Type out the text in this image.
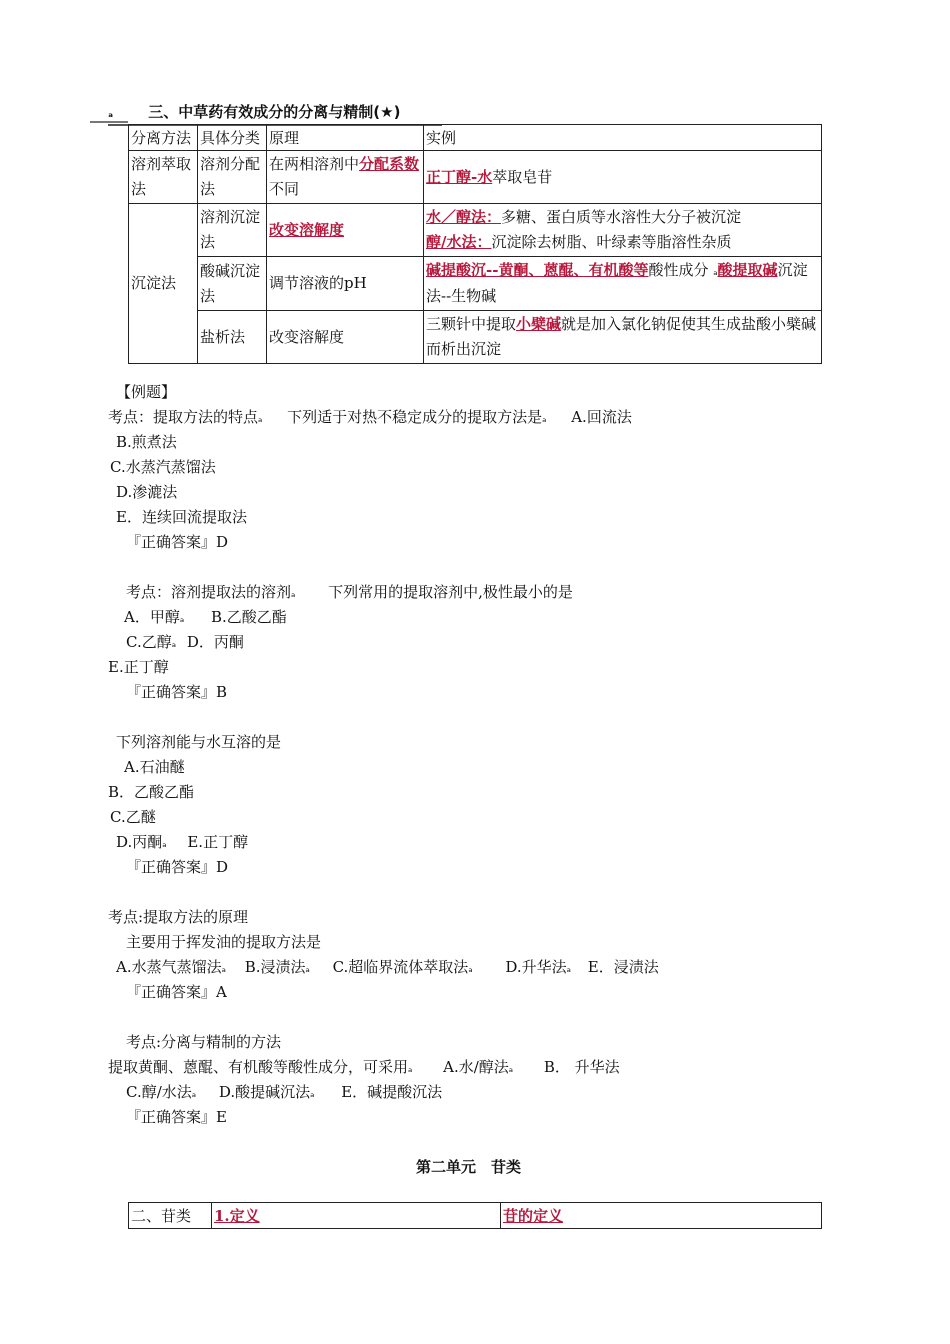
ₐ 三、中草药有效成分的分离与精制(★)
分离方法	具体分类	原理	实例
溶剂萃取法	溶剂分配法	在两相溶剂中分配系数不同	正丁醇-水萃取皂苷
沉淀法	溶剂沉淀法	改变溶解度	水／醇法：多糖、蛋白质等水溶性大分子被沉淀
醇/水法：沉淀除去树脂、叶绿素等脂溶性杂质
	酸碱沉淀法	调节溶液的pH	碱提酸沉--黄酮、蒽醌、有机酸等酸性成分 ₐ酸提取碱沉淀法--生物碱
	盐析法	改变溶解度	三颗针中提取小檗碱就是加入氯化钠促使其生成盐酸小檗碱而析出沉淀
【例题】
考点：提取方法的特点ₐ 下列适于对热不稳定成分的提取方法是ₐ A.回流法
B.煎煮法
C.水蒸汽蒸馏法
D.渗漉法
E．连续回流提取法
『正确答案』D
考点：溶剂提取法的溶剂ₐ 下列常用的提取溶剂中,极性最小的是
A．甲醇ₐ B.乙酸乙酯
C.乙醇ₐ D．丙酮
E.正丁醇
『正确答案』B
下列溶剂能与水互溶的是
A.石油醚
B．乙酸乙酯
C.乙醚
D.丙酮ₐ E.正丁醇
『正确答案』D
考点:提取方法的原理
主要用于挥发油的提取方法是
A.水蒸气蒸馏法ₐ B.浸渍法ₐ C.超临界流体萃取法ₐ D.升华法ₐ E．浸渍法
『正确答案』A
考点:分离与精制的方法
提取黄酮、蒽醌、有机酸等酸性成分，可采用ₐ A.水/醇法ₐ B． 升华法
C.醇/水法ₐ D.酸提碱沉法ₐ E．碱提酸沉法
『正确答案』E
第二单元　苷类
二、苷类	1.定义	苷的定义
